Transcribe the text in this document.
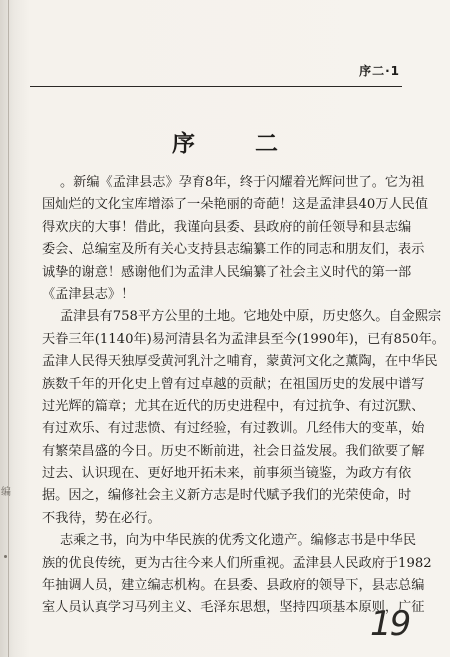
序二·1
序 二
。新编《孟津县志》孕育8年，终于闪耀着光辉问世了。它为祖
国灿烂的文化宝库增添了一朵艳丽的奇葩！这是孟津县40万人民值
得欢庆的大事！借此，我谨向县委、县政府的前任领导和县志编
委会、总编室及所有关心支持县志编纂工作的同志和朋友们，表示
诚挚的谢意！感谢他们为孟津人民编纂了社会主义时代的第一部
《孟津县志》！
孟津县有758平方公里的土地。它地处中原，历史悠久。自金熙宗
天眷三年(1140年)易河清县名为孟津县至今(1990年)，已有850年。
孟津人民得天独厚受黄河乳汁之哺育，蒙黄河文化之薰陶，在中华民
族数千年的开化史上曾有过卓越的贡献；在祖国历史的发展中谱写
过光辉的篇章；尤其在近代的历史进程中，有过抗争、有过沉默、
有过欢乐、有过悲愤、有过经验，有过教训。几经伟大的变革，始
有繁荣昌盛的今日。历史不断前进，社会日益发展。我们欲要了解
过去、认识现在、更好地开拓未来，前事须当镜鉴，为政方有依
据。因之，编修社会主义新方志是时代赋予我们的光荣使命，时
不我待，势在必行。
志乘之书，向为中华民族的优秀文化遗产。编修志书是中华民
族的优良传统，更为古往今来人们所重视。孟津县人民政府于1982
年抽调人员，建立编志机构。在县委、县政府的领导下，县志总编
室人员认真学习马列主义、毛泽东思想，坚持四项基本原则，广征
编
19
